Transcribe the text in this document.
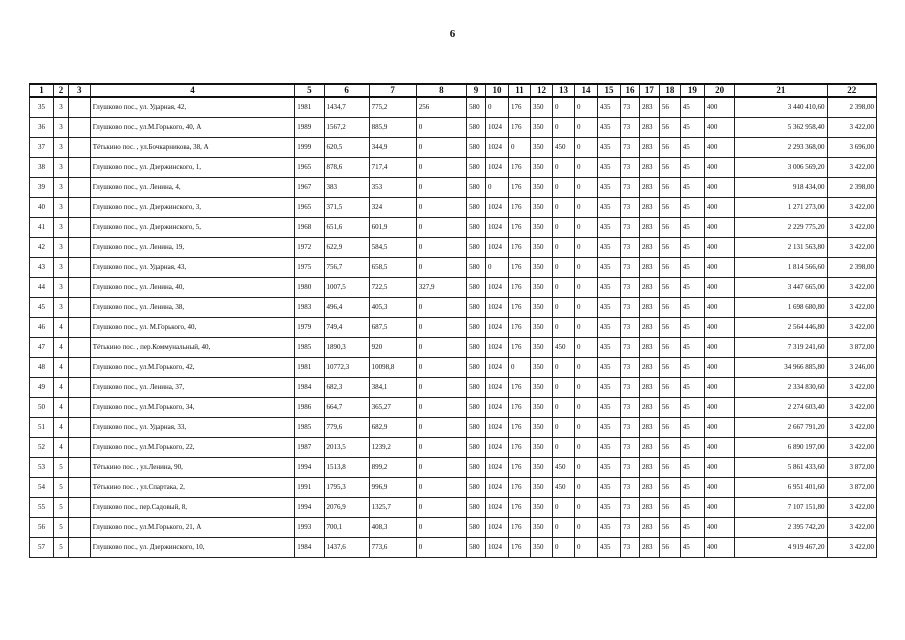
6
1	2	3	4	5	6	7	8	9	10	11	12	13	14	15	16	17	18	19	20	21	22
35	3		Глушково пос., ул. Ударная, 42,	1981	1434,7	775,2	256	580	0	176	350	0	0	435	73	283	56	45	400	3 440 410,60	2 398,00
36	3		Глушково пос., ул.М.Горького, 40, А	1989	1567,2	885,9	0	580	1024	176	350	0	0	435	73	283	56	45	400	5 362 958,40	3 422,00
37	3		Тётькино пос. , ул.Бочкарникова, 38, А	1999	620,5	344,9	0	580	1024	0	350	450	0	435	73	283	56	45	400	2 293 368,00	3 696,00
38	3		Глушково пос., ул. Дзержинского, 1,	1965	878,6	717,4	0	580	1024	176	350	0	0	435	73	283	56	45	400	3 006 569,20	3 422,00
39	3		Глушково пос., ул. Ленина, 4,	1967	383	353	0	580	0	176	350	0	0	435	73	283	56	45	400	918 434,00	2 398,00
40	3		Глушково пос., ул. Дзержинского, 3,	1965	371,5	324	0	580	1024	176	350	0	0	435	73	283	56	45	400	1 271 273,00	3 422,00
41	3		Глушково пос., ул. Дзержинского, 5,	1968	651,6	601,9	0	580	1024	176	350	0	0	435	73	283	56	45	400	2 229 775,20	3 422,00
42	3		Глушково пос., ул. Ленина, 19,	1972	622,9	584,5	0	580	1024	176	350	0	0	435	73	283	56	45	400	2 131 563,80	3 422,00
43	3		Глушково пос., ул. Ударная, 43,	1975	756,7	658,5	0	580	0	176	350	0	0	435	73	283	56	45	400	1 814 566,60	2 398,00
44	3		Глушково пос., ул. Ленина, 40,	1980	1007,5	722,5	327,9	580	1024	176	350	0	0	435	73	283	56	45	400	3 447 665,00	3 422,00
45	3		Глушково пос., ул. Ленина, 38,	1983	496,4	405,3	0	580	1024	176	350	0	0	435	73	283	56	45	400	1 698 680,80	3 422,00
46	4		Глушково пос., ул. М.Горького, 40,	1979	749,4	687,5	0	580	1024	176	350	0	0	435	73	283	56	45	400	2 564 446,80	3 422,00
47	4		Тётькино пос. , пер.Коммунальный, 40,	1985	1890,3	920	0	580	1024	176	350	450	0	435	73	283	56	45	400	7 319 241,60	3 872,00
48	4		Глушково пос., ул.М.Горького, 42,	1981	10772,3	10098,8	0	580	1024	0	350	0	0	435	73	283	56	45	400	34 966 885,80	3 246,00
49	4		Глушково пос., ул. Ленина, 37,	1984	682,3	384,1	0	580	1024	176	350	0	0	435	73	283	56	45	400	2 334 830,60	3 422,00
50	4		Глушково пос., ул.М.Горького, 34,	1986	664,7	365,27	0	580	1024	176	350	0	0	435	73	283	56	45	400	2 274 603,40	3 422,00
51	4		Глушково пос., ул. Ударная, 33,	1985	779,6	682,9	0	580	1024	176	350	0	0	435	73	283	56	45	400	2 667 791,20	3 422,00
52	4		Глушково пос., ул.М.Горького, 22,	1987	2013,5	1239,2	0	580	1024	176	350	0	0	435	73	283	56	45	400	6 890 197,00	3 422,00
53	5		Тётькино пос. , ул.Ленина, 90,	1994	1513,8	899,2	0	580	1024	176	350	450	0	435	73	283	56	45	400	5 861 433,60	3 872,00
54	5		Тётькино пос. , ул.Спартака, 2,	1991	1795,3	996,9	0	580	1024	176	350	450	0	435	73	283	56	45	400	6 951 401,60	3 872,00
55	5		Глушково пос., пер.Садовый, 8,	1994	2076,9	1325,7	0	580	1024	176	350	0	0	435	73	283	56	45	400	7 107 151,80	3 422,00
56	5		Глушково пос., ул.М.Горького, 21, А	1993	700,1	408,3	0	580	1024	176	350	0	0	435	73	283	56	45	400	2 395 742,20	3 422,00
57	5		Глушково пос., ул. Дзержинского, 10,	1984	1437,6	773,6	0	580	1024	176	350	0	0	435	73	283	56	45	400	4 919 467,20	3 422,00
